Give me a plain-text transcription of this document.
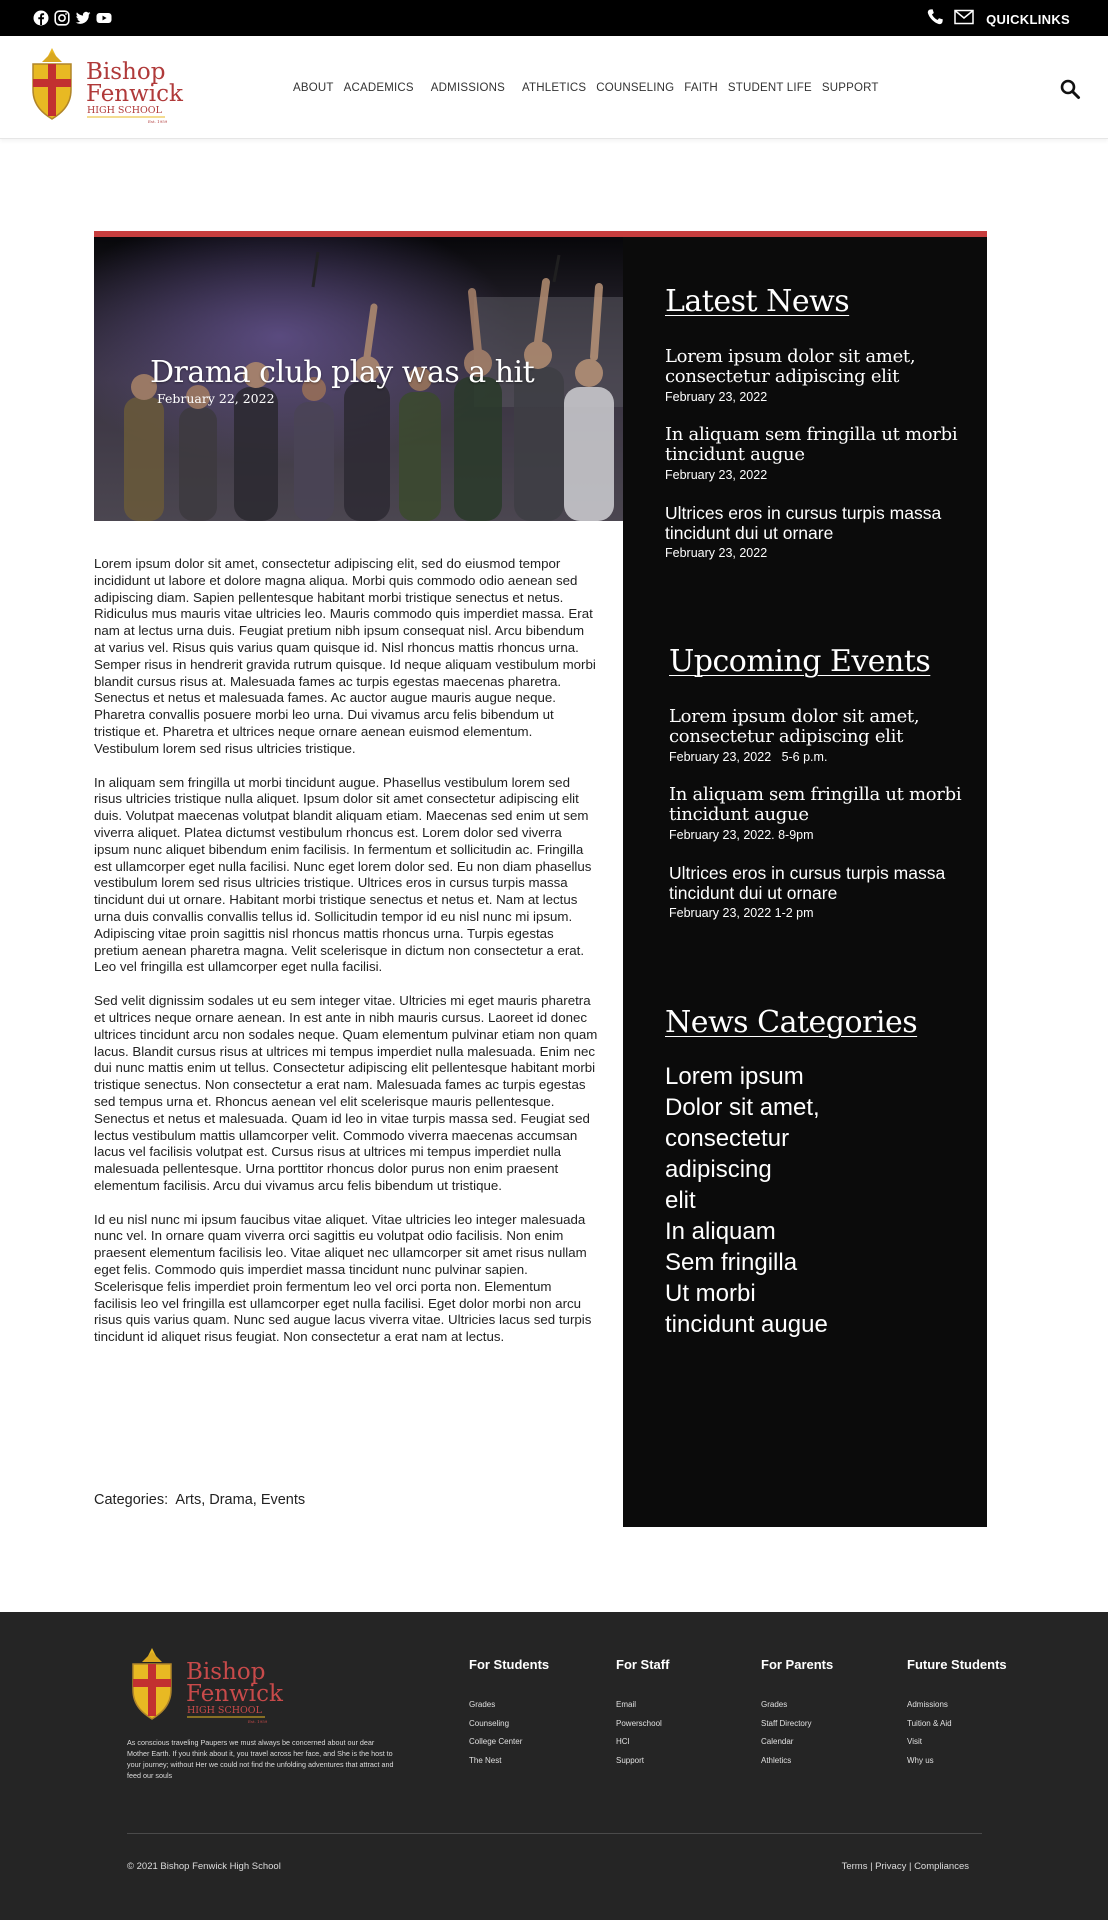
QUICKLINKS
Bishop
Fenwick
HIGH SCHOOL
Est. 1959
ABOUT ACADEMICS ADMISSIONS ATHLETICS COUNSELING FAITH STUDENT LIFE SUPPORT
Drama club play was a hit
February 22, 2022

Lorem ipsum dolor sit amet, consectetur adipiscing elit, sed do eiusmod tempor incididunt ut labore et dolore magna aliqua. Morbi quis commodo odio aenean sed adipiscing diam. Sapien pellentesque habitant morbi tristique senectus et netus. Ridiculus mus mauris vitae ultricies leo. Mauris commodo quis imperdiet massa. Erat nam at lectus urna duis. Feugiat pretium nibh ipsum consequat nisl. Arcu bibendum at varius vel. Risus quis varius quam quisque id. Nisl rhoncus mattis rhoncus urna. Semper risus in hendrerit gravida rutrum quisque. Id neque aliquam vestibulum morbi blandit cursus risus at. Malesuada fames ac turpis egestas maecenas pharetra. Senectus et netus et malesuada fames. Ac auctor augue mauris augue neque. Pharetra convallis posuere morbi leo urna. Dui vivamus arcu felis bibendum ut tristique et. Pharetra et ultrices neque ornare aenean euismod elementum. Vestibulum lorem sed risus ultricies tristique.

In aliquam sem fringilla ut morbi tincidunt augue. Phasellus vestibulum lorem sed risus ultricies tristique nulla aliquet. Ipsum dolor sit amet consectetur adipiscing elit duis. Volutpat maecenas volutpat blandit aliquam etiam. Maecenas sed enim ut sem viverra aliquet. Platea dictumst vestibulum rhoncus est. Lorem dolor sed viverra ipsum nunc aliquet bibendum enim facilisis. In fermentum et sollicitudin ac. Fringilla est ullamcorper eget nulla facilisi. Nunc eget lorem dolor sed. Eu non diam phasellus vestibulum lorem sed risus ultricies tristique. Ultrices eros in cursus turpis massa tincidunt dui ut ornare. Habitant morbi tristique senectus et netus et. Nam at lectus urna duis convallis convallis tellus id. Sollicitudin tempor id eu nisl nunc mi ipsum. Adipiscing vitae proin sagittis nisl rhoncus mattis rhoncus urna. Turpis egestas pretium aenean pharetra magna. Velit scelerisque in dictum non consectetur a erat. Leo vel fringilla est ullamcorper eget nulla facilisi.

Sed velit dignissim sodales ut eu sem integer vitae. Ultricies mi eget mauris pharetra et ultrices neque ornare aenean. In est ante in nibh mauris cursus. Laoreet id donec ultrices tincidunt arcu non sodales neque. Quam elementum pulvinar etiam non quam lacus. Blandit cursus risus at ultrices mi tempus imperdiet nulla malesuada. Enim nec dui nunc mattis enim ut tellus. Consectetur adipiscing elit pellentesque habitant morbi tristique senectus. Non consectetur a erat nam. Malesuada fames ac turpis egestas sed tempus urna et. Rhoncus aenean vel elit scelerisque mauris pellentesque. Senectus et netus et malesuada. Quam id leo in vitae turpis massa sed. Feugiat sed lectus vestibulum mattis ullamcorper velit. Commodo viverra maecenas accumsan lacus vel facilisis volutpat est. Cursus risus at ultrices mi tempus imperdiet nulla malesuada pellentesque. Urna porttitor rhoncus dolor purus non enim praesent elementum facilisis. Arcu dui vivamus arcu felis bibendum ut tristique.

Id eu nisl nunc mi ipsum faucibus vitae aliquet. Vitae ultricies leo integer malesuada nunc vel. In ornare quam viverra orci sagittis eu volutpat odio facilisis. Non enim praesent elementum facilisis leo. Vitae aliquet nec ullamcorper sit amet risus nullam eget felis. Commodo quis imperdiet massa tincidunt nunc pulvinar sapien. Scelerisque felis imperdiet proin fermentum leo vel orci porta non. Elementum facilisis leo vel fringilla est ullamcorper eget nulla facilisi. Eget dolor morbi non arcu risus quis varius quam. Nunc sed augue lacus viverra vitae. Ultricies lacus sed turpis tincidunt id aliquet risus feugiat. Non consectetur a erat nam at lectus.

Categories: Arts, Drama, Events
Latest News
Lorem ipsum dolor sit amet, consectetur adipiscing elit
February 23, 2022
In aliquam sem fringilla ut morbi tincidunt augue
February 23, 2022
Ultrices eros in cursus turpis massa tincidunt dui ut ornare
February 23, 2022
Upcoming Events
Lorem ipsum dolor sit amet, consectetur adipiscing elit
February 23, 2022   5-6 p.m.
In aliquam sem fringilla ut morbi tincidunt augue
February 23, 2022. 8-9pm
Ultrices eros in cursus turpis massa tincidunt dui ut ornare
February 23, 2022 1-2 pm
News Categories
Lorem ipsum
Dolor sit amet,
consectetur
adipiscing
elit
In aliquam
Sem fringilla
Ut morbi
tincidunt augue
Bishop
Fenwick
HIGH SCHOOL
Est. 1959
As conscious traveling Paupers we must always be concerned about our dear Mother Earth. If you think about it, you travel across her face, and She is the host to your journey; without Her we could not find the unfolding adventures that attract and feed our souls
For Students
Grades
Counseling
College Center
The Nest
For Staff
Email
Powerschool
HCI
Support
For Parents
Grades
Staff Directory
Calendar
Athletics
Future Students
Admissions
Tuition & Aid
Visit
Why us
© 2021 Bishop Fenwick High School	Terms | Privacy | Compliances
